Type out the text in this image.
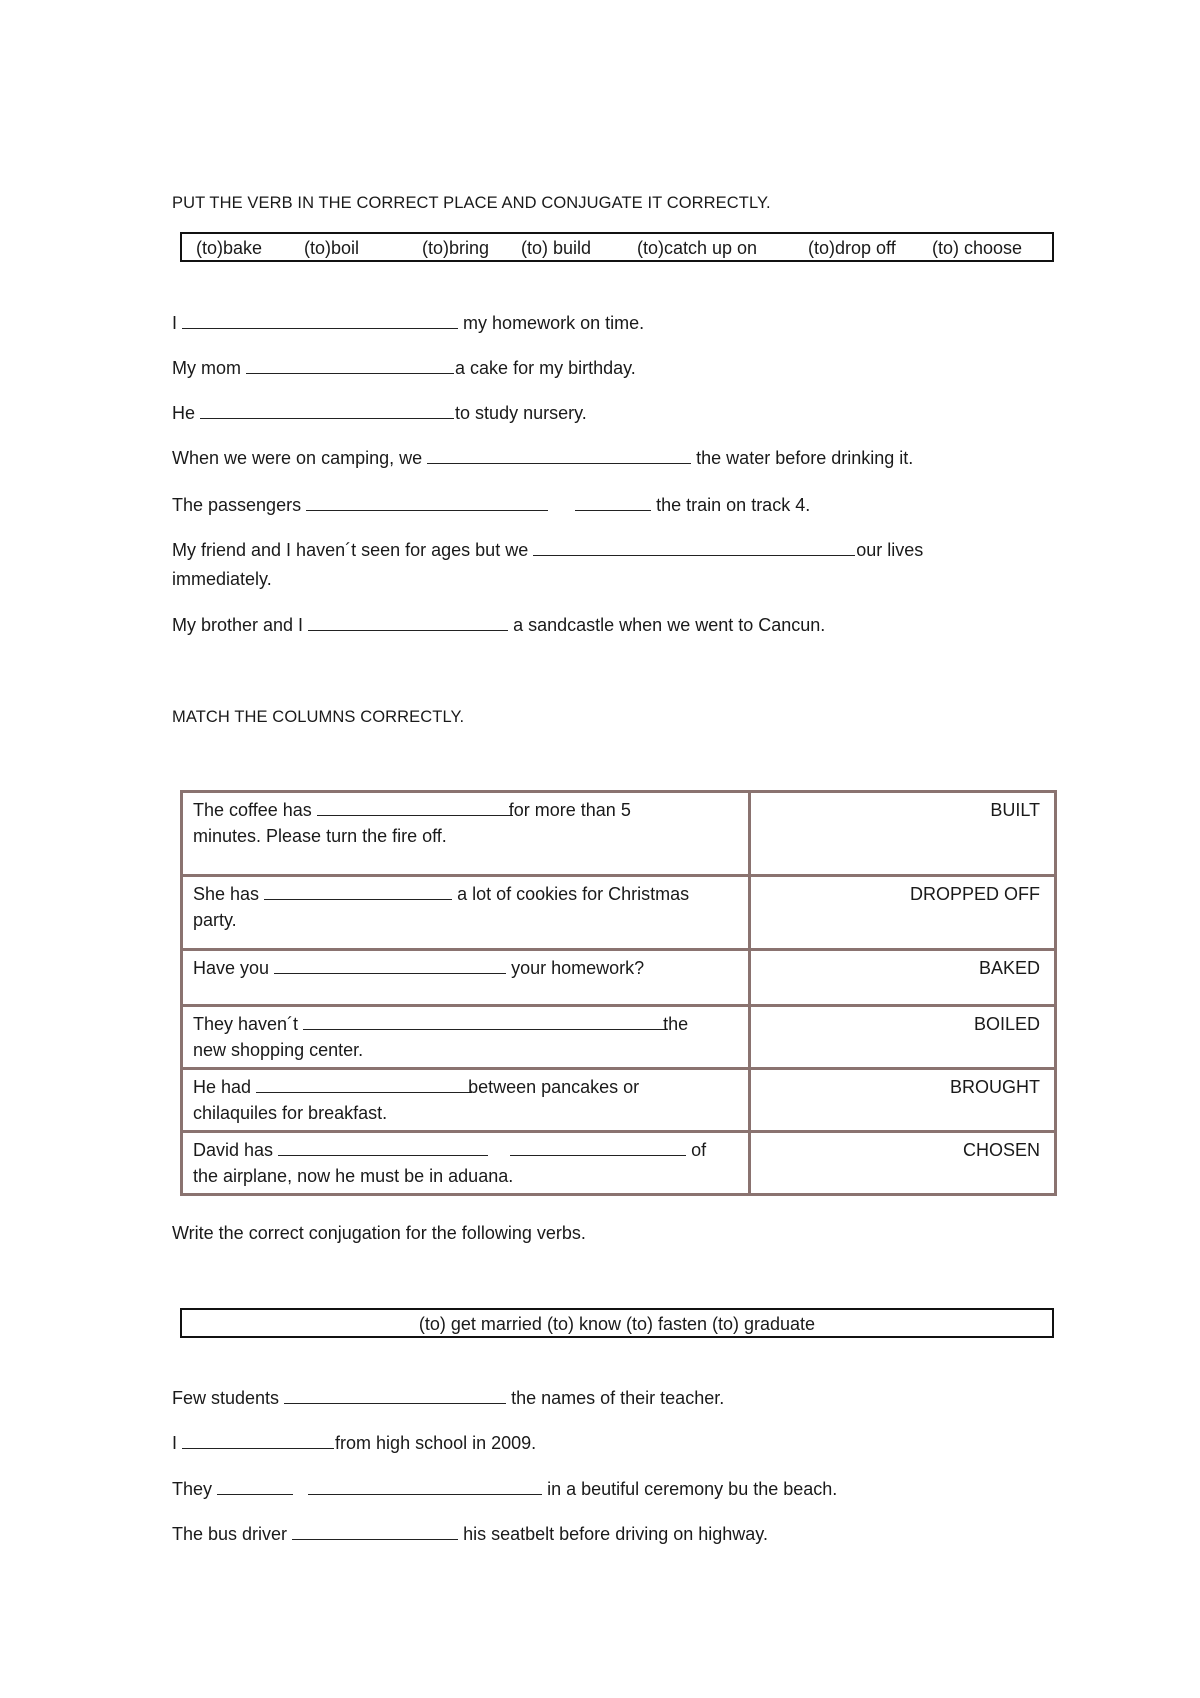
PUT THE VERB IN THE CORRECT PLACE AND CONJUGATE IT CORRECTLY.
(to)bake (to)boil	(to)bring (to) build	(to)catch up on	(to)drop off (to) choose
I	my homework on time.
My mom	a cake for my birthday.
He	to study nursery.
When we were on camping, we	the water before drinking it.
The passengers	the train on track 4.
My friend and I haven´t seen for ages but we	our lives
immediately.
My brother and I	a sandcastle when we went to Cancun.
MATCH THE COLUMNS CORRECTLY.
The coffee has for more than 5
minutes. Please turn the fire off.	BUILT
She has a lot of cookies for Christmas
party.	DROPPED OFF
Have you your homework?	BAKED
They haven´t the
new shopping center.	BOILED
He had between pancakes or
chilaquiles for breakfast.	BROUGHT
David has of
the airplane, now he must be in aduana.	CHOSEN
Write the correct conjugation for the following verbs.
(to) get married (to) know (to) fasten (to) graduate
Few students	the names of their teacher.
I	from high school in 2009.
They	in a beutiful ceremony bu the beach.
The bus driver	his seatbelt before driving on highway.
